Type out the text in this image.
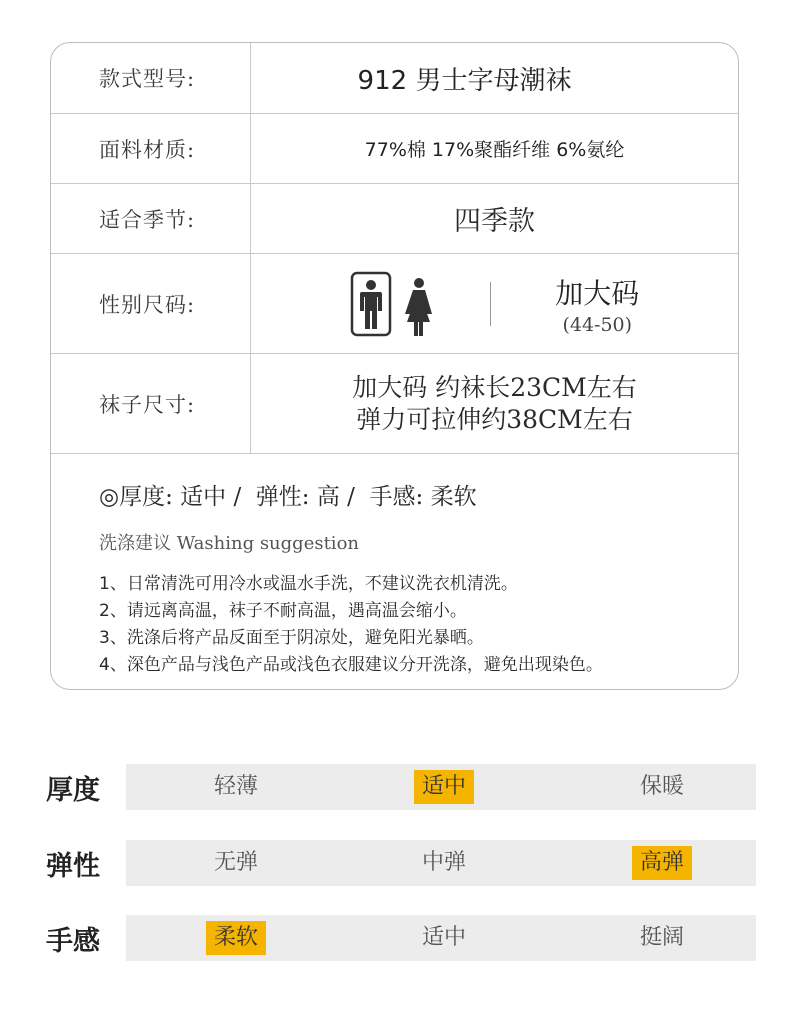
款式型号:	912 男士字母潮袜
面料材质:	77%棉 17%聚酯纤维 6%氨纶
适合季节:	四季款
性别尺码:	加大码
(44-50)
袜子尺寸:
加大码 约袜长23CM左右
弹力可拉伸约38CM左右
◎厚度: 适中 /  弹性: 高 /  手感: 柔软
洗涤建议 Washing suggestion
1、日常清洗可用冷水或温水手洗，不建议洗衣机清洗。
2、请远离高温，袜子不耐高温，遇高温会缩小。
3、洗涤后将产品反面至于阴凉处，避免阳光暴晒。
4、深色产品与浅色产品或浅色衣服建议分开洗涤，避免出现染色。
厚度	轻薄	适中	保暖
弹性	无弹	中弹	高弹
手感	柔软	适中	挺阔
